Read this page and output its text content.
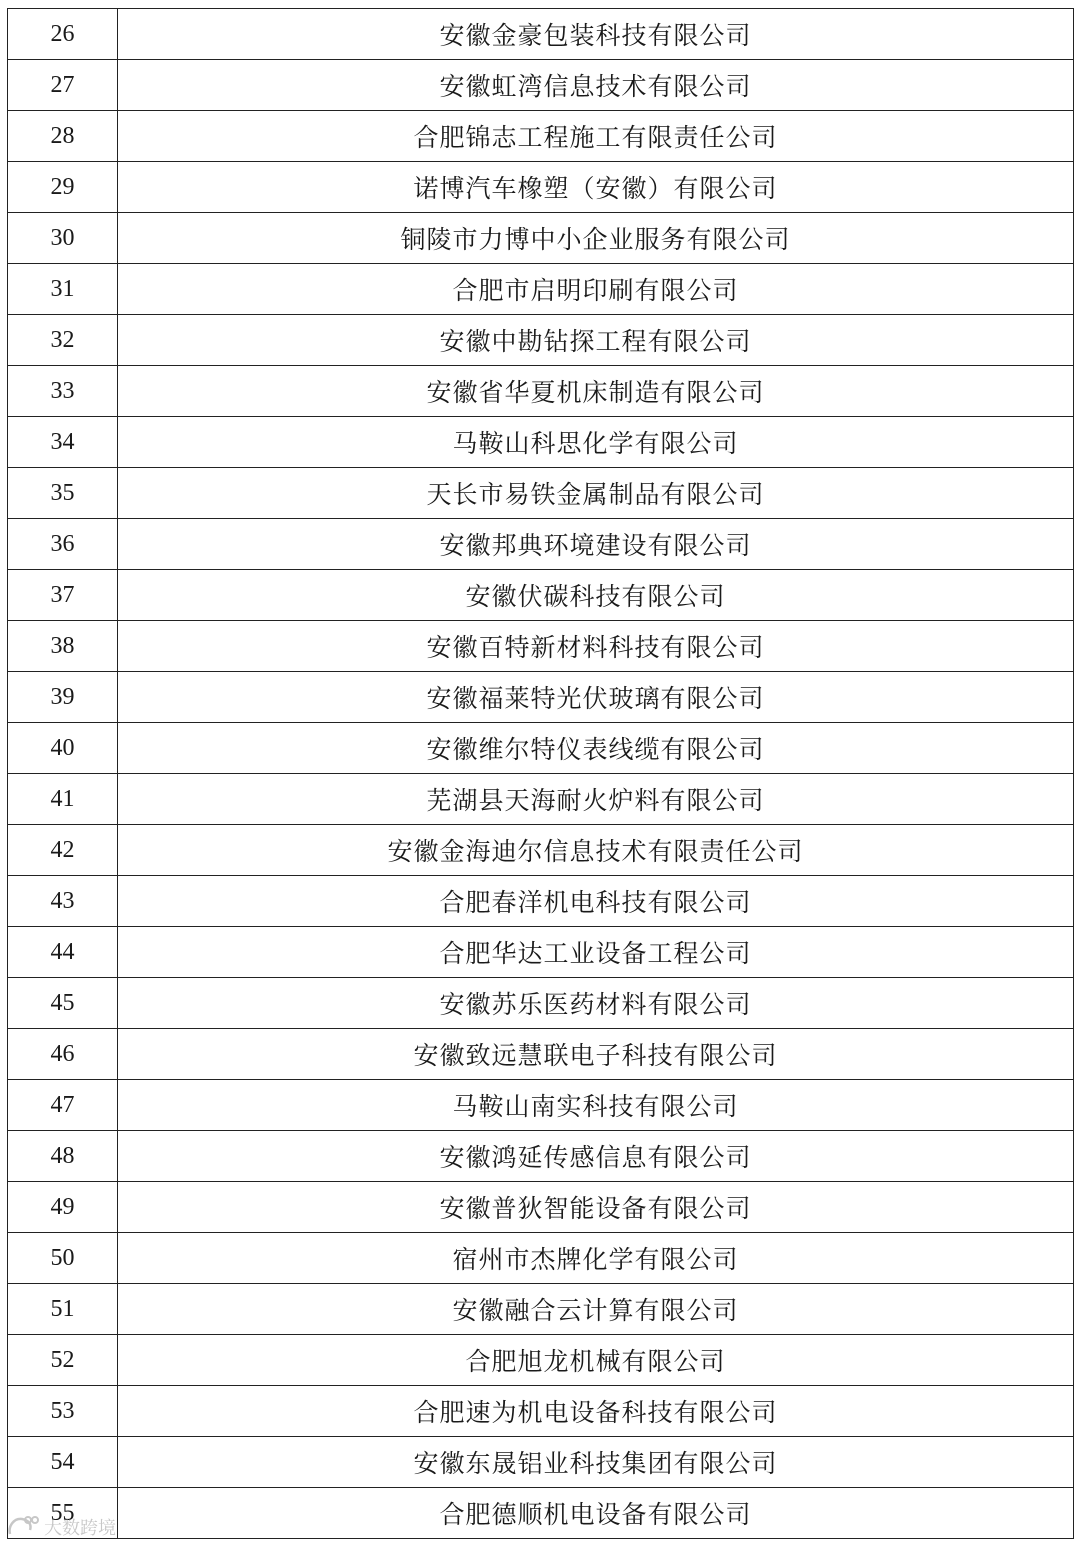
26	安徽金豪包装科技有限公司
27	安徽虹湾信息技术有限公司
28	合肥锦志工程施工有限责任公司
29	诺博汽车橡塑（安徽）有限公司
30	铜陵市力博中小企业服务有限公司
31	合肥市启明印刷有限公司
32	安徽中勘钻探工程有限公司
33	安徽省华夏机床制造有限公司
34	马鞍山科思化学有限公司
35	天长市易铁金属制品有限公司
36	安徽邦典环境建设有限公司
37	安徽伏碳科技有限公司
38	安徽百特新材料科技有限公司
39	安徽福莱特光伏玻璃有限公司
40	安徽维尔特仪表线缆有限公司
41	芜湖县天海耐火炉料有限公司
42	安徽金海迪尔信息技术有限责任公司
43	合肥春洋机电科技有限公司
44	合肥华达工业设备工程公司
45	安徽苏乐医药材料有限公司
46	安徽致远慧联电子科技有限公司
47	马鞍山南实科技有限公司
48	安徽鸿延传感信息有限公司
49	安徽普狄智能设备有限公司
50	宿州市杰牌化学有限公司
51	安徽融合云计算有限公司
52	合肥旭龙机械有限公司
53	合肥速为机电设备科技有限公司
54	安徽东晟铝业科技集团有限公司
55	合肥德顺机电设备有限公司
大数跨境
